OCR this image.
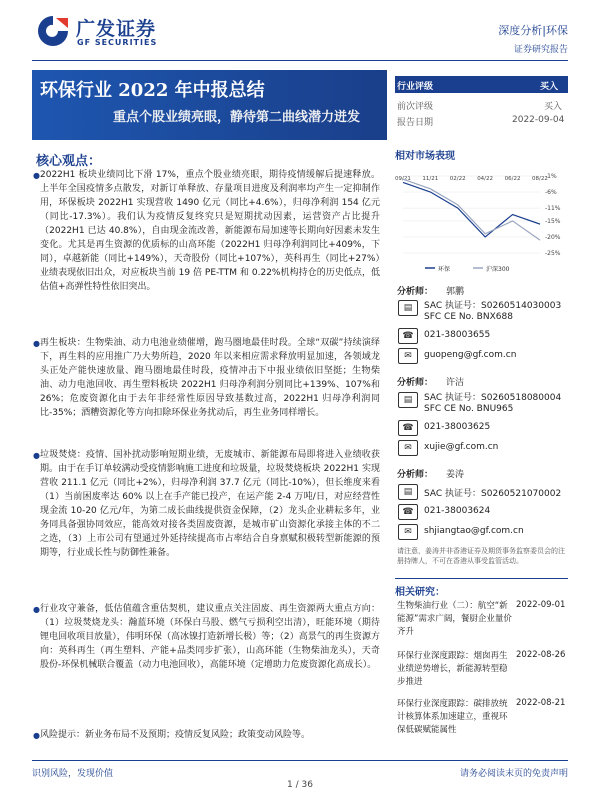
广发证券
GF SECURITIES
深度分析|环保
证券研究报告
环保行业 2022 年中报总结
重点个股业绩亮眼，静待第二曲线潜力迸发
核心观点：
● 2022H1 板块业绩同比下滑 17%，重点个股业绩亮眼，期待疫情缓解后提速释放。上半年全国疫情多点散发，对新订单释放、存量项目进度及利润率均产生一定抑制作用，环保板块 2022H1 实现营收 1490 亿元（同比+4.6%），归母净利润 154 亿元（同比-17.3%）。我们认为疫情反复终究只是短期扰动因素，运营资产占比提升（2022H1 已达 40.8%），自由现金流改善，新能源布局加速等长期向好因素未发生变化。尤其是再生资源的优质标的山高环能（2022H1 归母净利润同比+409%，下同），卓越新能（同比+149%），天奇股份（同比+107%），英科再生（同比+27%）业绩表现依旧出众，对应板块当前 19 倍 PE-TTM 和 0.22%机构持仓的历史低点，低估值+高弹性特性依旧突出。
● 再生板块：生物柴油、动力电池业绩催增，跑马圈地最佳时段。全球“双碳”持续演绎下，再生料的应用推广乃大势所趋，2020 年以来相应需求释放明显加速，各领域龙头正处产能快速放量、跑马圈地最佳时段，疫情冲击下中报业绩依旧坚挺；生物柴油、动力电池回收、再生塑料板块 2022H1 归母净利润分别同比+139%、107%和 26%；危废资源化由于去年非经常性原因导致基数过高，2022H1 归母净利润同比-35%；酒糟资源化等方向扣除环保业务扰动后，再生业务同样增长。
● 垃圾焚烧：疫情、国补扰动影响短期业绩，无废城市、新能源布局即将进入业绩收获期。由于在手订单较满动受疫情影响施工进度和垃圾量，垃圾焚烧板块 2022H1 实现营收 211.1 亿元（同比+2%），归母净利润 37.7 亿元（同比-10%），但长维度来看（1）当前困废率达 60% 以上在手产能已投产，在运产能 2-4 万吨/日，对应经营性现金流 10-20 亿元/年，为第二成长曲线提供资金保障，（2）龙头企业耕耘多年，业务同具备强协同效应，能高效对接各类固废资源，是城市矿山资源化承接主体的不二之选，（3）上市公司有望通过外延持续提高市占率结合自身禀赋积极转型新能源的预期等，行业成长性与防御性兼备。
● 行业攻守兼备，低估值蕴含重估契机，建议重点关注固废、再生资源两大重点方向：（1）垃圾焚烧龙头：瀚蓝环境（环保白马股、燃气亏损利空出清），旺能环境（期待锂电回收项目放量），伟明环保（高冰镍打造新增长极）等；（2）高景气的再生资源方向：英科再生（再生塑料、产能+品类同步扩张），山高环能（生物柴油龙头），天奇股份-环保机械联合覆盖（动力电池回收），高能环境（定增助力危废资源化高成长）。
● 风险提示：新业务布局不及预期；疫情反复风险；政策变动风险等。
行业评级	买入
前次评级	买入
报告日期	2022-09-04
相对市场表现
-1%
-6%
-11%
-15%
-20%
-25%
09/21 11/21 02/22 04/22 06/22 08/22
环保	沪深300
分析师： 郭鹏
▤	SAC 执证号：S0260514030003
SFC CE No. BNX688
☎	021-38003655
✉	guopeng@gf.com.cn
分析师： 许洁
▤	SAC 执证号：S0260518080004
SFC CE No. BNU965
☎	021-38003625
✉	xujie@gf.com.cn
分析师： 姜涛
▤	SAC 执证号：S0260521070002
☎	021-38003624
✉	shjiangtao@gf.com.cn
请注意，姜涛并非香港证券及期货事务监察委员会的注册持牌人，不可在香港从事受监管活动。
相关研究：
生物柴油行业（二）：航空“新能源”需求广阔，餐厨企业量价齐升
2022-09-01
环保行业深度跟踪：烟囱再生业绩逆势增长，新能源转型稳步推进
2022-08-26
环保行业深度跟踪：碳排放统计核算体系加速建立，重视环保低碳赋能属性
2022-08-21
识别风险，发现价值	请务必阅读末页的免责声明
1 / 36
